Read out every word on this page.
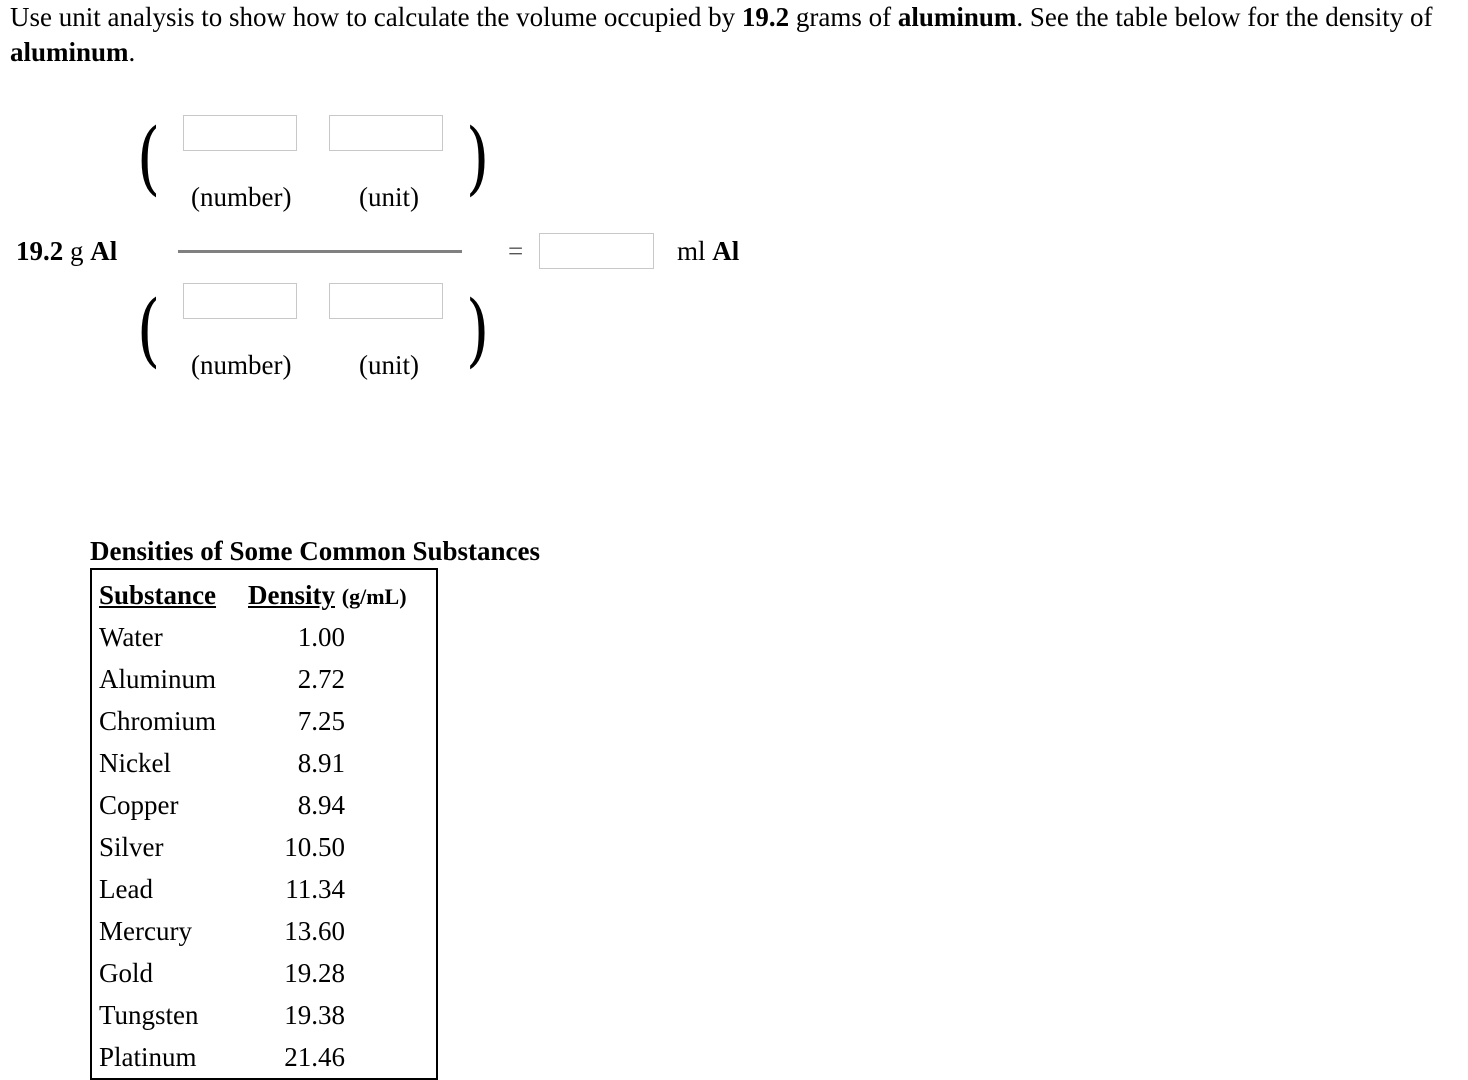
Use unit analysis to show how to calculate the volume occupied by 19.2 grams of aluminum. See the table below for the density of aluminum.
19.2 g Al
(	)
(	)
(number)	(unit)
(number)	(unit)
=	ml Al
Densities of Some Common Substances
Substance Density (g/mL)
Water	1.00
Aluminum	2.72
Chromium	7.25
Nickel	8.91
Copper	8.94
Silver	10.50
Lead	11.34
Mercury	13.60
Gold	19.28
Tungsten	19.38
Platinum	21.46
